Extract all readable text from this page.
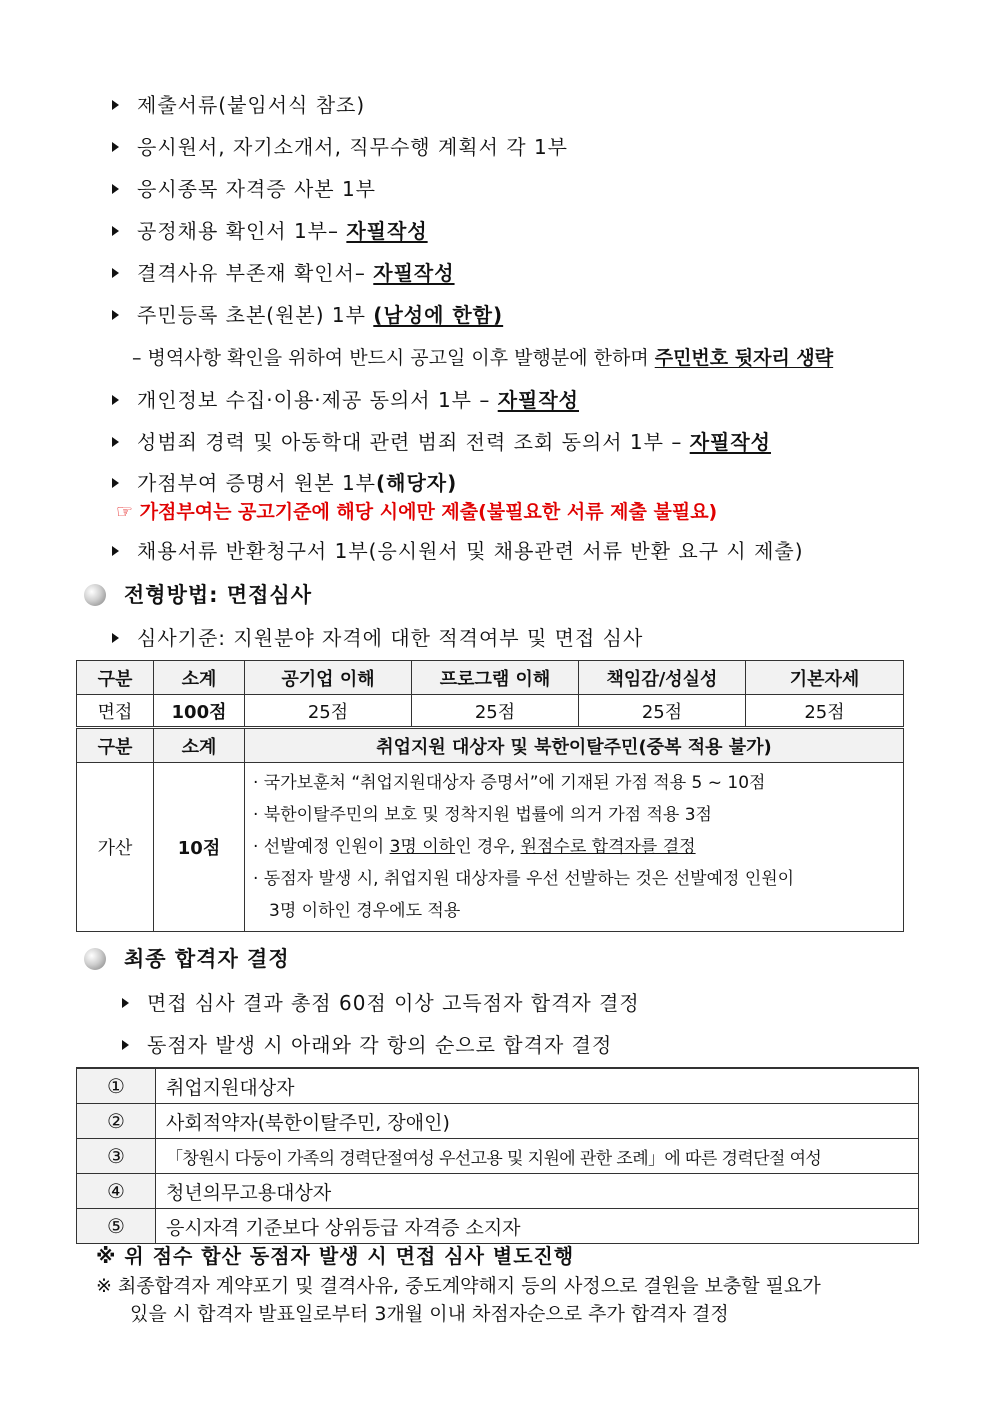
제출서류(붙임서식 참조)
응시원서, 자기소개서, 직무수행 계획서 각 1부
응시종목 자격증 사본 1부
공정채용 확인서 1부– 자필작성
결격사유 부존재 확인서– 자필작성
주민등록 초본(원본) 1부 (남성에 한함)
– 병역사항 확인을 위하여 반드시 공고일 이후 발행분에 한하며 주민번호 뒷자리 생략
개인정보 수집·이용·제공 동의서 1부 – 자필작성
성범죄 경력 및 아동학대 관련 범죄 전력 조회 동의서 1부 – 자필작성
가점부여 증명서 원본 1부(해당자)
☞ 가점부여는 공고기준에 해당 시에만 제출(불필요한 서류 제출 불필요)
채용서류 반환청구서 1부(응시원서 및 채용관련 서류 반환 요구 시 제출)
전형방법: 면접심사
심사기준: 지원분야 자격에 대한 적격여부 및 면접 심사
구분	소계	공기업 이해	프로그램 이해	책임감/성실성	기본자세
면접	100점	25점	25점	25점	25점
구분	소계	취업지원 대상자 및 북한이탈주민(중복 적용 불가)
가산	10점	· 국가보훈처 “취업지원대상자 증명서”에 기재된 가점 적용 5 ~ 10점
· 북한이탈주민의 보호 및 정착지원 법률에 의거 가점 적용 3점
· 선발예정 인원이 3명 이하인 경우, 원점수로 합격자를 결정
· 동점자 발생 시, 취업지원 대상자를 우선 선발하는 것은 선발예정 인원이
3명 이하인 경우에도 적용
최종 합격자 결정
면접 심사 결과 총점 60점 이상 고득점자 합격자 결정
동점자 발생 시 아래와 각 항의 순으로 합격자 결정
①	취업지원대상자
②	사회적약자(북한이탈주민, 장애인)
③	「창원시 다둥이 가족의 경력단절여성 우선고용 및 지원에 관한 조례」에 따른 경력단절 여성
④	청년의무고용대상자
⑤	응시자격 기준보다 상위등급 자격증 소지자
※ 위 점수 합산 동점자 발생 시 면접 심사 별도진행
※ 최종합격자 계약포기 및 결격사유, 중도계약해지 등의 사정으로 결원을 보충할 필요가
있을 시 합격자 발표일로부터 3개월 이내 차점자순으로 추가 합격자 결정
